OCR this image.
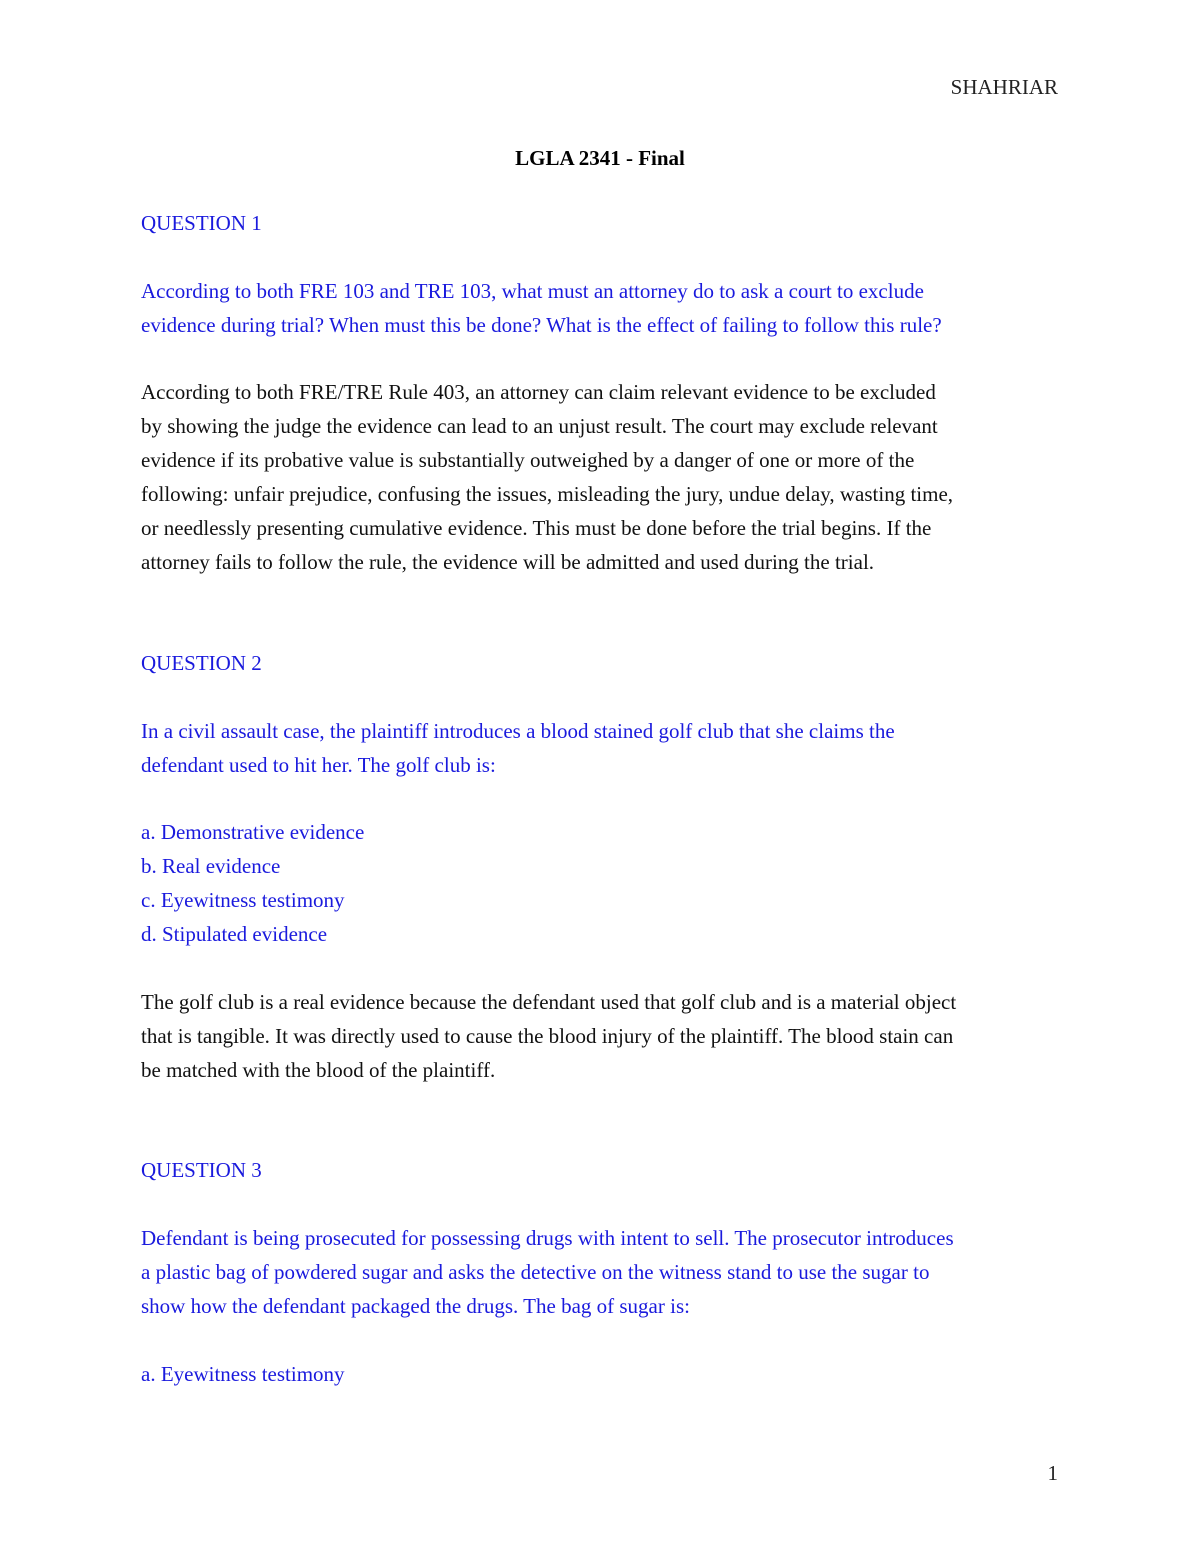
SHAHRIAR

LGLA 2341 - Final

QUESTION 1

According to both FRE 103 and TRE 103, what must an attorney do to ask a court to exclude

evidence during trial? When must this be done? What is the effect of failing to follow this rule?

According to both FRE/TRE Rule 403, an attorney can claim relevant evidence to be excluded

by showing the judge the evidence can lead to an unjust result. The court may exclude relevant

evidence if its probative value is substantially outweighed by a danger of one or more of the

following: unfair prejudice, confusing the issues, misleading the jury, undue delay, wasting time,

or needlessly presenting cumulative evidence. This must be done before the trial begins. If the

attorney fails to follow the rule, the evidence will be admitted and used during the trial.

QUESTION 2

In a civil assault case, the plaintiff introduces a blood stained golf club that she claims the

defendant used to hit her. The golf club is:

a. Demonstrative evidence

b. Real evidence

c. Eyewitness testimony

d. Stipulated evidence

The golf club is a real evidence because the defendant used that golf club and is a material object

that is tangible. It was directly used to cause the blood injury of the plaintiff. The blood stain can

be matched with the blood of the plaintiff.

QUESTION 3

Defendant is being prosecuted for possessing drugs with intent to sell. The prosecutor introduces

a plastic bag of powdered sugar and asks the detective on the witness stand to use the sugar to

show how the defendant packaged the drugs. The bag of sugar is:

a. Eyewitness testimony

1
